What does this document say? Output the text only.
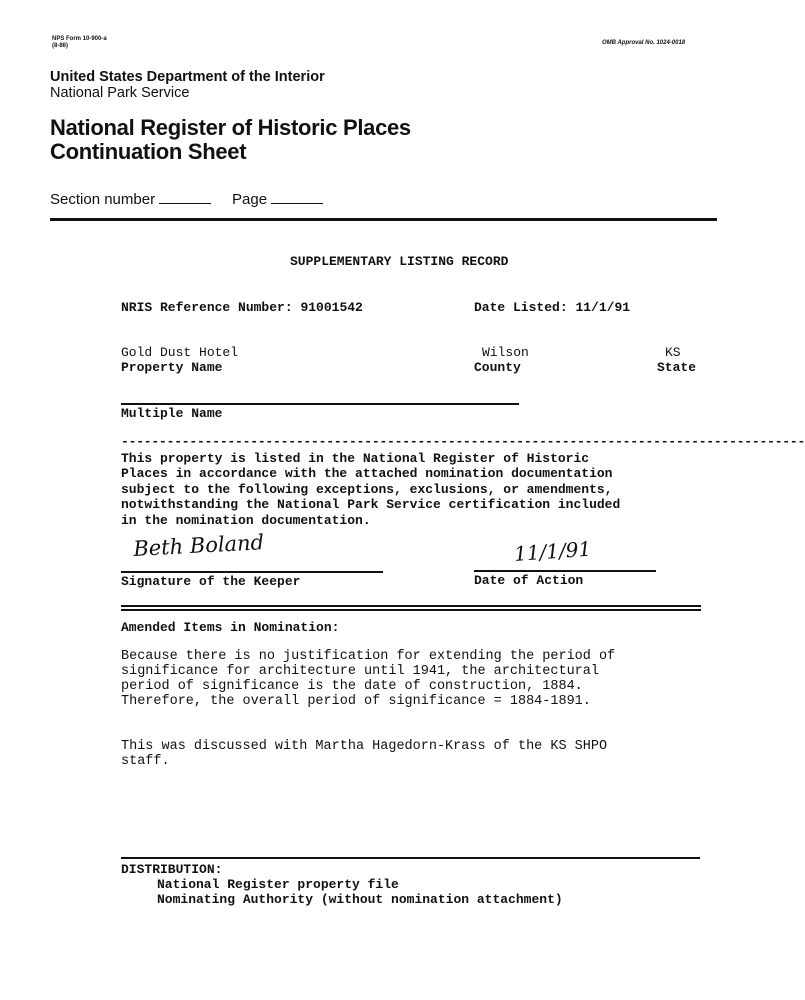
NPS Form 10-900-a
(8-86)	OMB Approval No. 1024-0018
United States Department of the Interior
National Park Service
National Register of Historic Places
Continuation Sheet
Section number	Page
SUPPLEMENTARY LISTING RECORD
NRIS Reference Number: 91001542	Date Listed: 11/1/91
Gold Dust Hotel
Property Name
Wilson
County
KS
State
Multiple Name
------------------------------------------------------------------------------------------
This property is listed in the National Register of Historic
Places in accordance with the attached nomination documentation
subject to the following exceptions, exclusions, or amendments,
notwithstanding the National Park Service certification included
in the nomination documentation.
Beth Boland
Signature of the Keeper
11/1/91
Date of Action
Amended Items in Nomination:
Because there is no justification for extending the period of
significance for architecture until 1941, the architectural
period of significance is the date of construction, 1884.
Therefore, the overall period of significance = 1884-1891.
This was discussed with Martha Hagedorn-Krass of the KS SHPO
staff.
DISTRIBUTION:
National Register property file
Nominating Authority (without nomination attachment)
